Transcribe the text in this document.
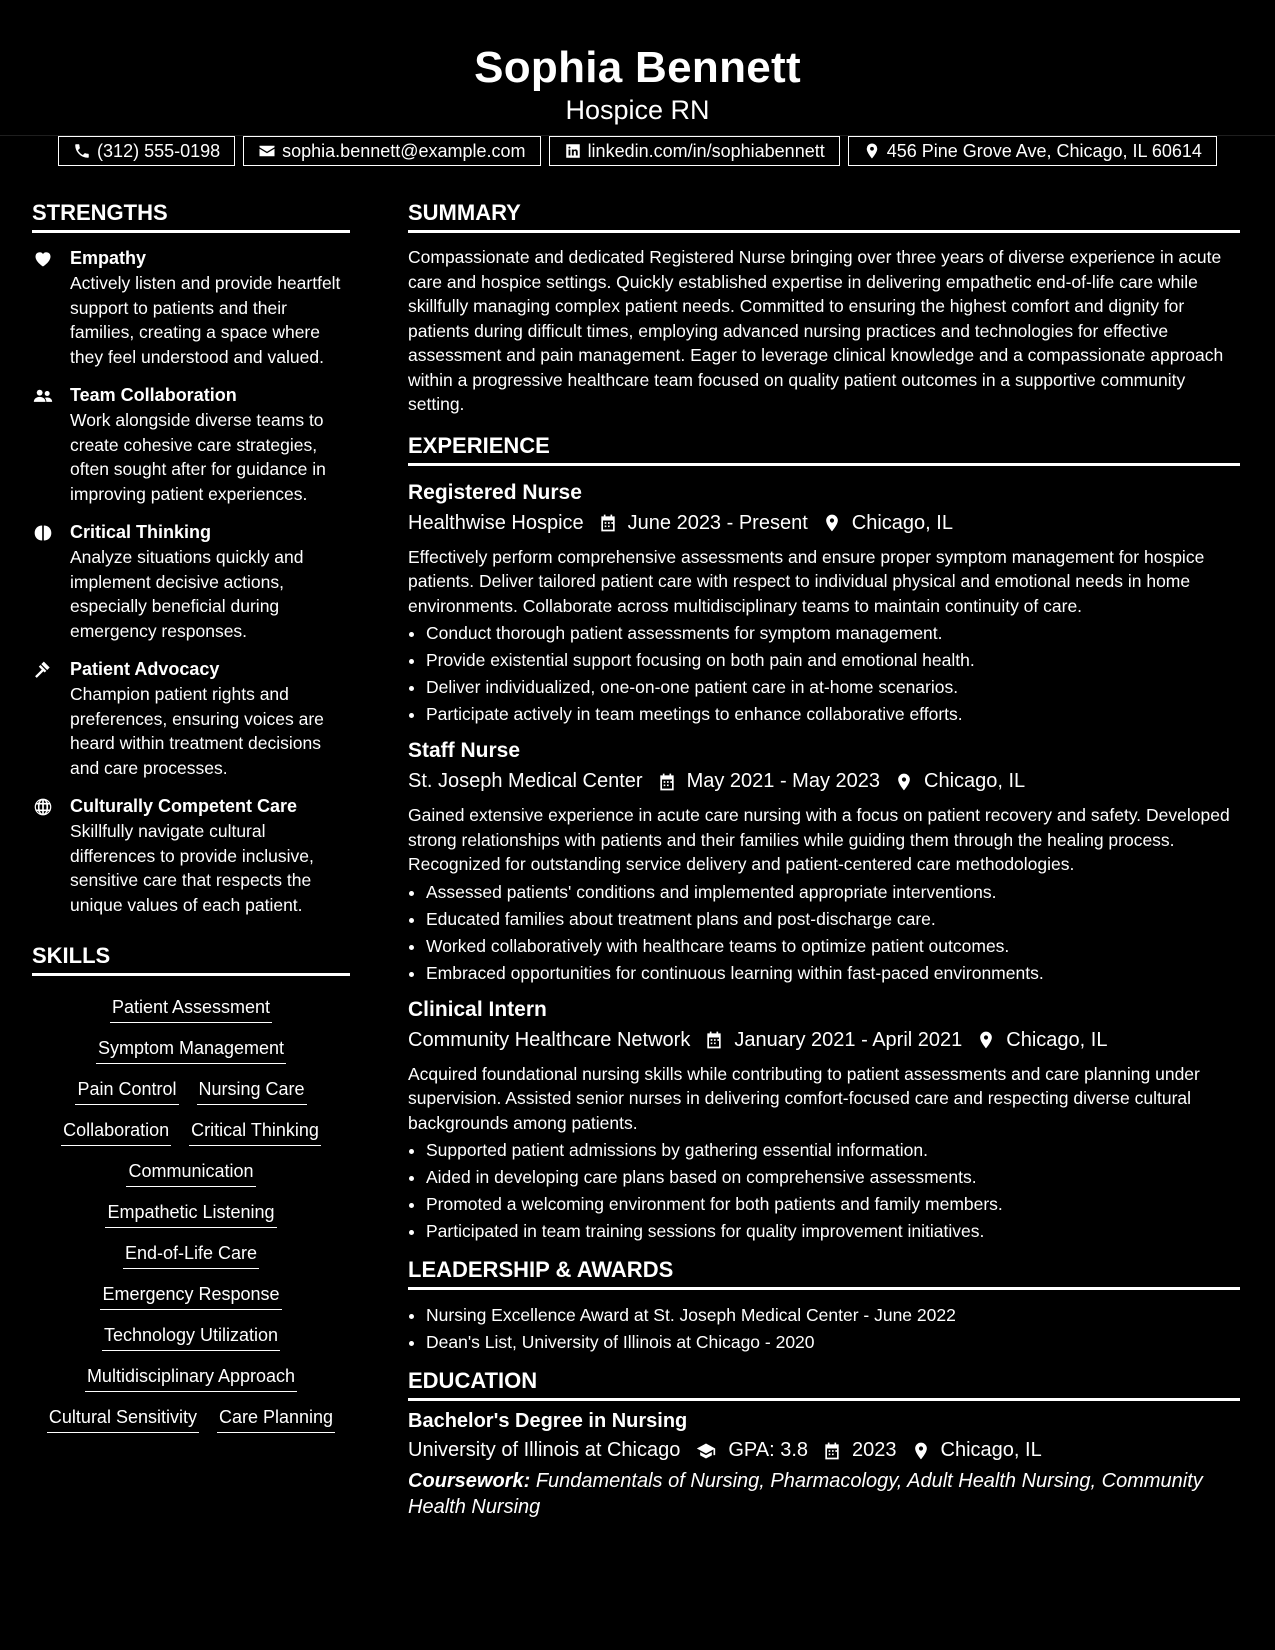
Sophia Bennett
Hospice RN
(312) 555-0198	sophia.bennett@example.com	linkedin.com/in/sophiabennett	456 Pine Grove Ave, Chicago, IL 60614
STRENGTHS
Empathy
Actively listen and provide heartfelt support to patients and their families, creating a space where they feel understood and valued.
Team Collaboration
Work alongside diverse teams to create cohesive care strategies, often sought after for guidance in improving patient experiences.
Critical Thinking
Analyze situations quickly and implement decisive actions, especially beneficial during emergency responses.
Patient Advocacy
Champion patient rights and preferences, ensuring voices are heard within treatment decisions and care processes.
Culturally Competent Care
Skillfully navigate cultural differences to provide inclusive, sensitive care that respects the unique values of each patient.
SKILLS
Patient Assessment
Symptom Management
Pain Control Nursing Care
Collaboration Critical Thinking
Communication
Empathetic Listening
End-of-Life Care
Emergency Response
Technology Utilization
Multidisciplinary Approach
Cultural Sensitivity Care Planning
SUMMARY
Compassionate and dedicated Registered Nurse bringing over three years of diverse experience in acute care and hospice settings. Quickly established expertise in delivering empathetic end-of-life care while skillfully managing complex patient needs. Committed to ensuring the highest comfort and dignity for patients during difficult times, employing advanced nursing practices and technologies for effective assessment and pain management. Eager to leverage clinical knowledge and a compassionate approach within a progressive healthcare team focused on quality patient outcomes in a supportive community setting.
EXPERIENCE
Registered Nurse
Healthwise Hospice June 2023 - Present Chicago, IL
Effectively perform comprehensive assessments and ensure proper symptom management for hospice patients. Deliver tailored patient care with respect to individual physical and emotional needs in home environments. Collaborate across multidisciplinary teams to maintain continuity of care.
• Conduct thorough patient assessments for symptom management.
• Provide existential support focusing on both pain and emotional health.
• Deliver individualized, one-on-one patient care in at-home scenarios.
• Participate actively in team meetings to enhance collaborative efforts.
Staff Nurse
St. Joseph Medical Center May 2021 - May 2023 Chicago, IL
Gained extensive experience in acute care nursing with a focus on patient recovery and safety. Developed strong relationships with patients and their families while guiding them through the healing process. Recognized for outstanding service delivery and patient-centered care methodologies.
• Assessed patients' conditions and implemented appropriate interventions.
• Educated families about treatment plans and post-discharge care.
• Worked collaboratively with healthcare teams to optimize patient outcomes.
• Embraced opportunities for continuous learning within fast-paced environments.
Clinical Intern
Community Healthcare Network January 2021 - April 2021 Chicago, IL
Acquired foundational nursing skills while contributing to patient assessments and care planning under supervision. Assisted senior nurses in delivering comfort-focused care and respecting diverse cultural backgrounds among patients.
• Supported patient admissions by gathering essential information.
• Aided in developing care plans based on comprehensive assessments.
• Promoted a welcoming environment for both patients and family members.
• Participated in team training sessions for quality improvement initiatives.
LEADERSHIP & AWARDS
• Nursing Excellence Award at St. Joseph Medical Center - June 2022
• Dean's List, University of Illinois at Chicago - 2020
EDUCATION
Bachelor's Degree in Nursing
University of Illinois at Chicago GPA: 3.8 2023 Chicago, IL
Coursework: Fundamentals of Nursing, Pharmacology, Adult Health Nursing, Community Health Nursing
